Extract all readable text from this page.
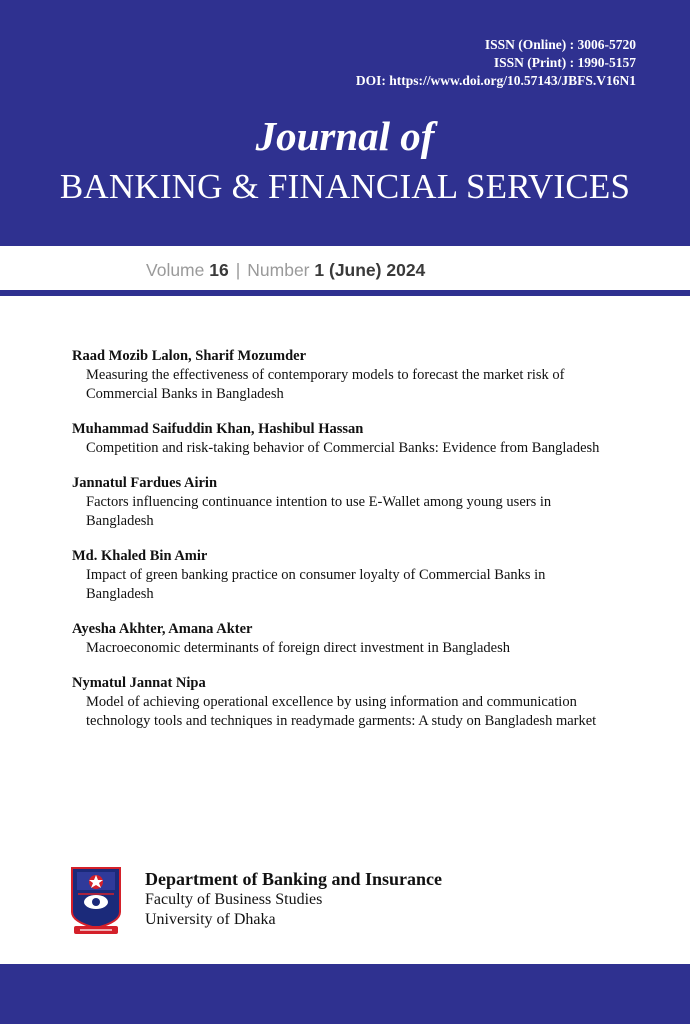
ISSN (Online) : 3006-5720
ISSN (Print) : 1990-5157
DOI: https://www.doi.org/10.57143/JBFS.V16N1
Journal of
BANKING & FINANCIAL SERVICES
Volume 16 | Number 1 (June) 2024
Raad Mozib Lalon, Sharif Mozumder
Measuring the effectiveness of contemporary models to forecast the market risk of
Commercial Banks in Bangladesh
Muhammad Saifuddin Khan, Hashibul Hassan
Competition and risk-taking behavior of Commercial Banks: Evidence from Bangladesh
Jannatul Fardues Airin
Factors influencing continuance intention to use E-Wallet among young users in
Bangladesh
Md. Khaled Bin Amir
Impact of green banking practice on consumer loyalty of Commercial Banks in
Bangladesh
Ayesha Akhter, Amana Akter
Macroeconomic determinants of foreign direct investment in Bangladesh
Nymatul Jannat Nipa
Model of achieving operational excellence by using information and communication
technology tools and techniques in readymade garments: A study on Bangladesh market
Department of Banking and Insurance
Faculty of Business Studies
University of Dhaka
